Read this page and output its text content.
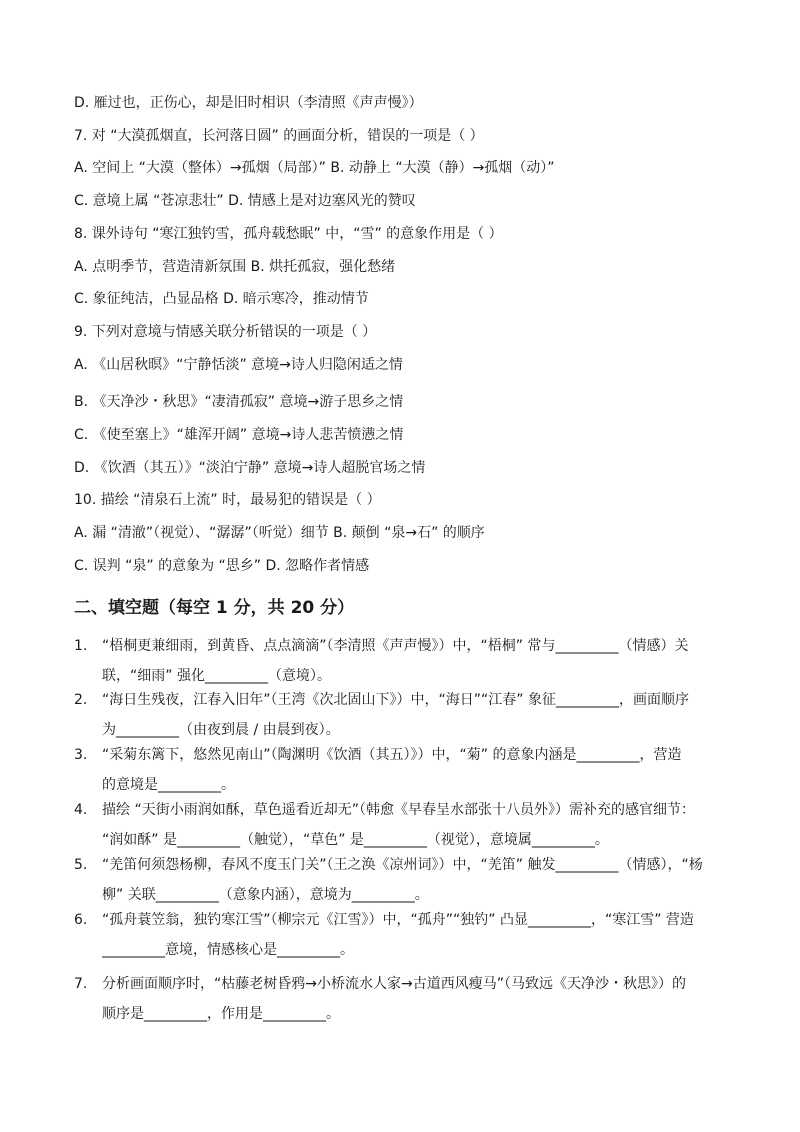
D. 雁过也，正伤心，却是旧时相识（李清照《声声慢》）
7. 对 “大漠孤烟直，长河落日圆” 的画面分析，错误的一项是（ ）
A. 空间上 “大漠（整体）→孤烟（局部）” B. 动静上 “大漠（静）→孤烟（动）”
C. 意境上属 “苍凉悲壮” D. 情感上是对边塞风光的赞叹
8. 课外诗句 “寒江独钓雪，孤舟载愁眠” 中，“雪” 的意象作用是（ ）
A. 点明季节，营造清新氛围 B. 烘托孤寂，强化愁绪
C. 象征纯洁，凸显品格 D. 暗示寒冷，推动情节
9. 下列对意境与情感关联分析错误的一项是（ ）
A. 《山居秋暝》“宁静恬淡” 意境→诗人归隐闲适之情
B. 《天净沙・秋思》“凄清孤寂” 意境→游子思乡之情
C. 《使至塞上》“雄浑开阔” 意境→诗人悲苦愤懑之情
D. 《饮酒（其五）》“淡泊宁静” 意境→诗人超脱官场之情
10. 描绘 “清泉石上流” 时，最易犯的错误是（ ）
A. 漏 “清澈”（视觉）、“潺潺”（听觉）细节 B. 颠倒 “泉→石” 的顺序
C. 误判 “泉” 的意象为 “思乡” D. 忽略作者情感
二、填空题（每空 1 分，共 20 分）
1. “梧桐更兼细雨，到黄昏、点点滴滴”（李清照《声声慢》）中，“梧桐” 常与_________（情感）关
联，“细雨” 强化_________（意境）。
2. “海日生残夜，江春入旧年”（王湾《次北固山下》）中，“海日”“江春” 象征_________，画面顺序
为_________（由夜到晨 / 由晨到夜）。
3. “采菊东篱下，悠然见南山”（陶渊明《饮酒（其五）》）中，“菊” 的意象内涵是_________，营造
的意境是_________。
4. 描绘 “天街小雨润如酥，草色遥看近却无”（韩愈《早春呈水部张十八员外》）需补充的感官细节：
“润如酥” 是_________（触觉），“草色” 是_________（视觉），意境属_________。
5. “羌笛何须怨杨柳，春风不度玉门关”（王之涣《凉州词》）中，“羌笛” 触发_________（情感），“杨
柳” 关联_________（意象内涵），意境为_________。
6. “孤舟蓑笠翁，独钓寒江雪”（柳宗元《江雪》）中，“孤舟”“独钓” 凸显_________，“寒江雪” 营造
_________意境，情感核心是_________。
7. 分析画面顺序时，“枯藤老树昏鸦→小桥流水人家→古道西风瘦马”（马致远《天净沙・秋思》）的
顺序是_________，作用是_________。
